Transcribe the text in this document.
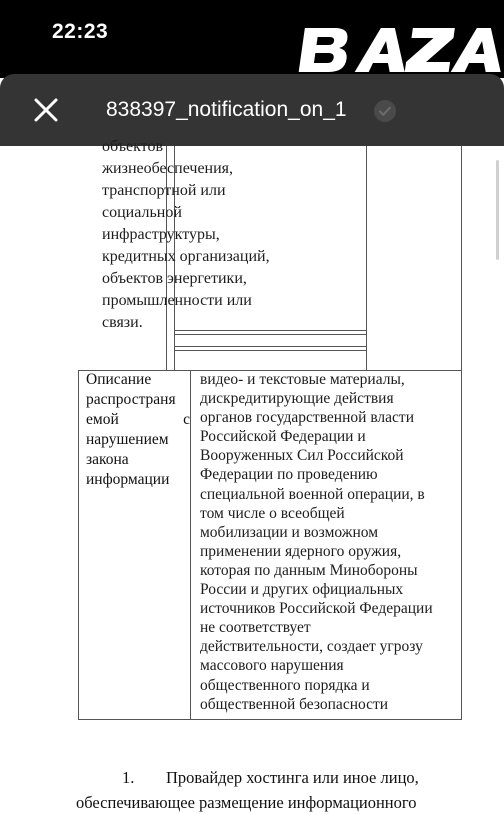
22:23	BAZA
838397_notification_on_1
Описание
распространя
емой с
нарушением
закона
информации
видео- и текстовые материалы,
дискредитирующие действия
органов государственной власти
Российской Федерации и
Вооруженных Сил Российской
Федерации по проведению
специальной военной операции, в
том числе о всеобщей
мобилизации и возможном
применении ядерного оружия,
которая по данным Минобороны
России и других официальных
источников Российской Федерации
не соответствует
действительности, создает угрозу
массового нарушения
общественного порядка и
общественной безопасности
объектов
жизнеобеспечения,
транспортной или
социальной
инфраструктуры,
кредитных организаций,
объектов энергетики,
промышленности или
связи.
1. Провайдер хостинга или иное лицо,
обеспечивающее размещение информационного
